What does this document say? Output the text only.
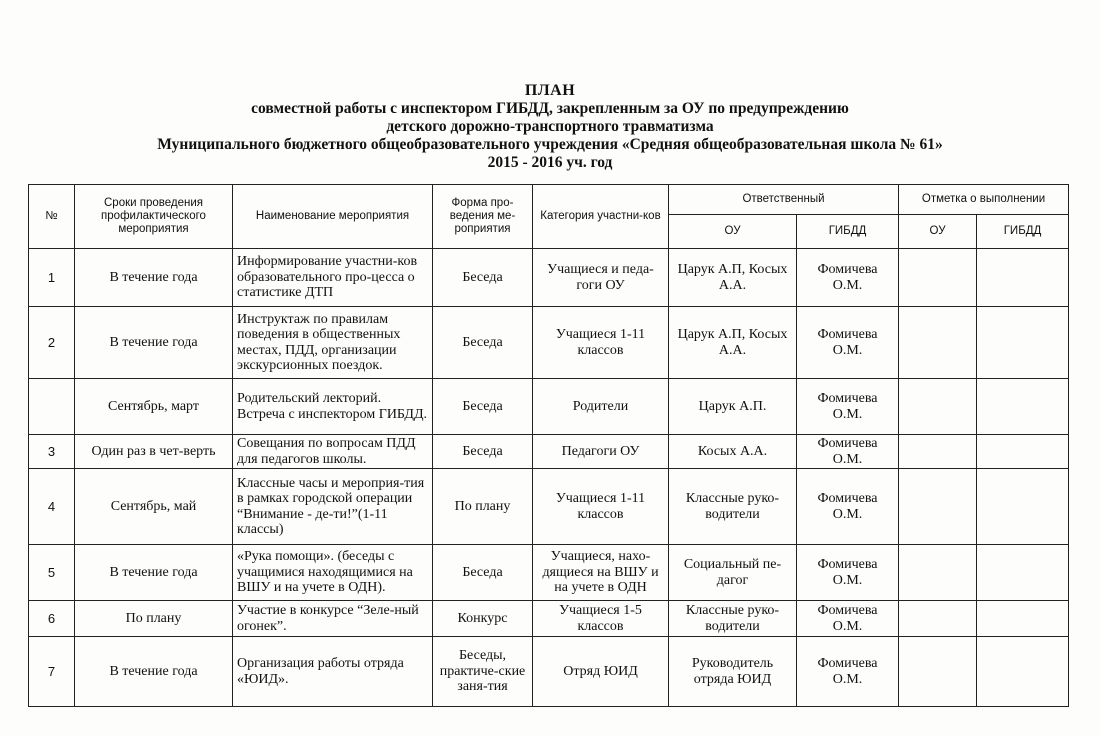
ПЛАН
совместной работы с инспектором ГИБДД, закрепленным за ОУ по предупреждению
детского дорожно-транспортного травматизма
Муниципального бюджетного общеобразовательного учреждения «Средняя общеобразовательная школа № 61»
2015 - 2016 уч. год
№	Сроки проведения профилактического мероприятия	Наименование мероприятия	Форма про-ведения ме-роприятия	Категория участни-ков	Ответственный		Отметка о выполнении	
					ОУ	ГИБДД	ОУ	ГИБДД
1	В течение года	Информирование участни-ков образовательного про-цесса о статистике ДТП	Беседа	Учащиеся и педа-гоги ОУ	Царук А.П, Косых А.А.	Фомичева О.М.		
2	В течение года	Инструктаж по правилам поведения в общественных местах, ПДД, организации экскурсионных поездок.	Беседа	Учащиеся 1-11 классов	Царук А.П, Косых А.А.	Фомичева О.М.		
	Сентябрь, март	Родительский лекторий. Встреча с инспектором ГИБДД.	Беседа	Родители	Царук А.П.	Фомичева О.М.		
3	Один раз в чет-верть	Совещания по вопросам ПДД для педагогов школы.	Беседа	Педагоги ОУ	Косых А.А.	Фомичева О.М.		
4	Сентябрь, май	Классные часы и мероприя-тия в рамках городской операции “Внимание - де-ти!”(1-11 классы)	По плану	Учащиеся 1-11 классов	Классные руко-водители	Фомичева О.М.		
5	В течение года	«Рука помощи». (беседы с учащимися находящимися на ВШУ и на учете в ОДН).	Беседа	Учащиеся, нахо-дящиеся на ВШУ и на учете в ОДН	Социальный пе-дагог	Фомичева О.М.		
6	По плану	Участие в конкурсе “Зеле-ный огонек”.	Конкурс	Учащиеся 1-5 классов	Классные руко-водители	Фомичева О.М.		
7	В течение года	Организация работы отряда «ЮИД».	Беседы, практиче-ские заня-тия	Отряд ЮИД	Руководитель отряда ЮИД	Фомичева О.М.		
